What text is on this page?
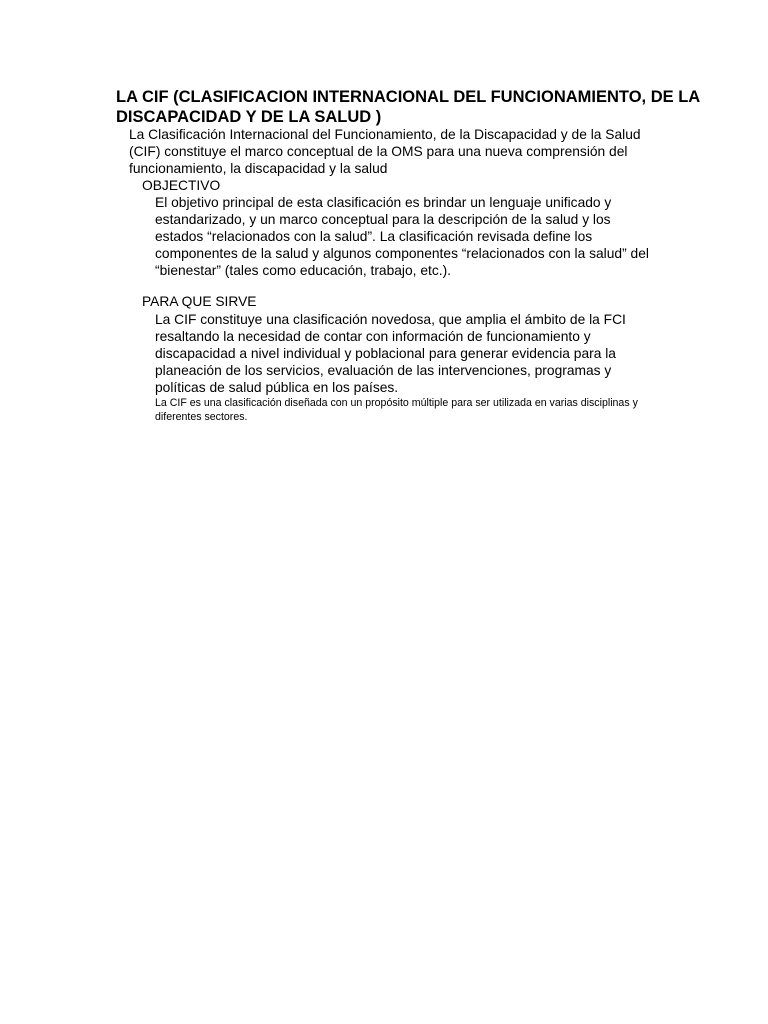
LA CIF (CLASIFICACION INTERNACIONAL DEL FUNCIONAMIENTO, DE LA DISCAPACIDAD Y DE LA SALUD )

La Clasificación Internacional del Funcionamiento, de la Discapacidad y de la Salud (CIF) constituye el marco conceptual de la OMS para una nueva comprensión del funcionamiento, la discapacidad y la salud

OBJECTIVO

El objetivo principal de esta clasificación es brindar un lenguaje unificado y estandarizado, y un marco conceptual para la descripción de la salud y los estados “relacionados con la salud”. La clasificación revisada define los componentes de la salud y algunos componentes “relacionados con la salud” del “bienestar” (tales como educación, trabajo, etc.).

PARA QUE SIRVE

La CIF constituye una clasificación novedosa, que amplia el ámbito de la FCI resaltando la necesidad de contar con información de funcionamiento y discapacidad a nivel individual y poblacional para generar evidencia para la planeación de los servicios, evaluación de las intervenciones, programas y políticas de salud pública en los países.

La CIF es una clasificación diseñada con un propósito múltiple para ser utilizada en varias disciplinas y diferentes sectores.
